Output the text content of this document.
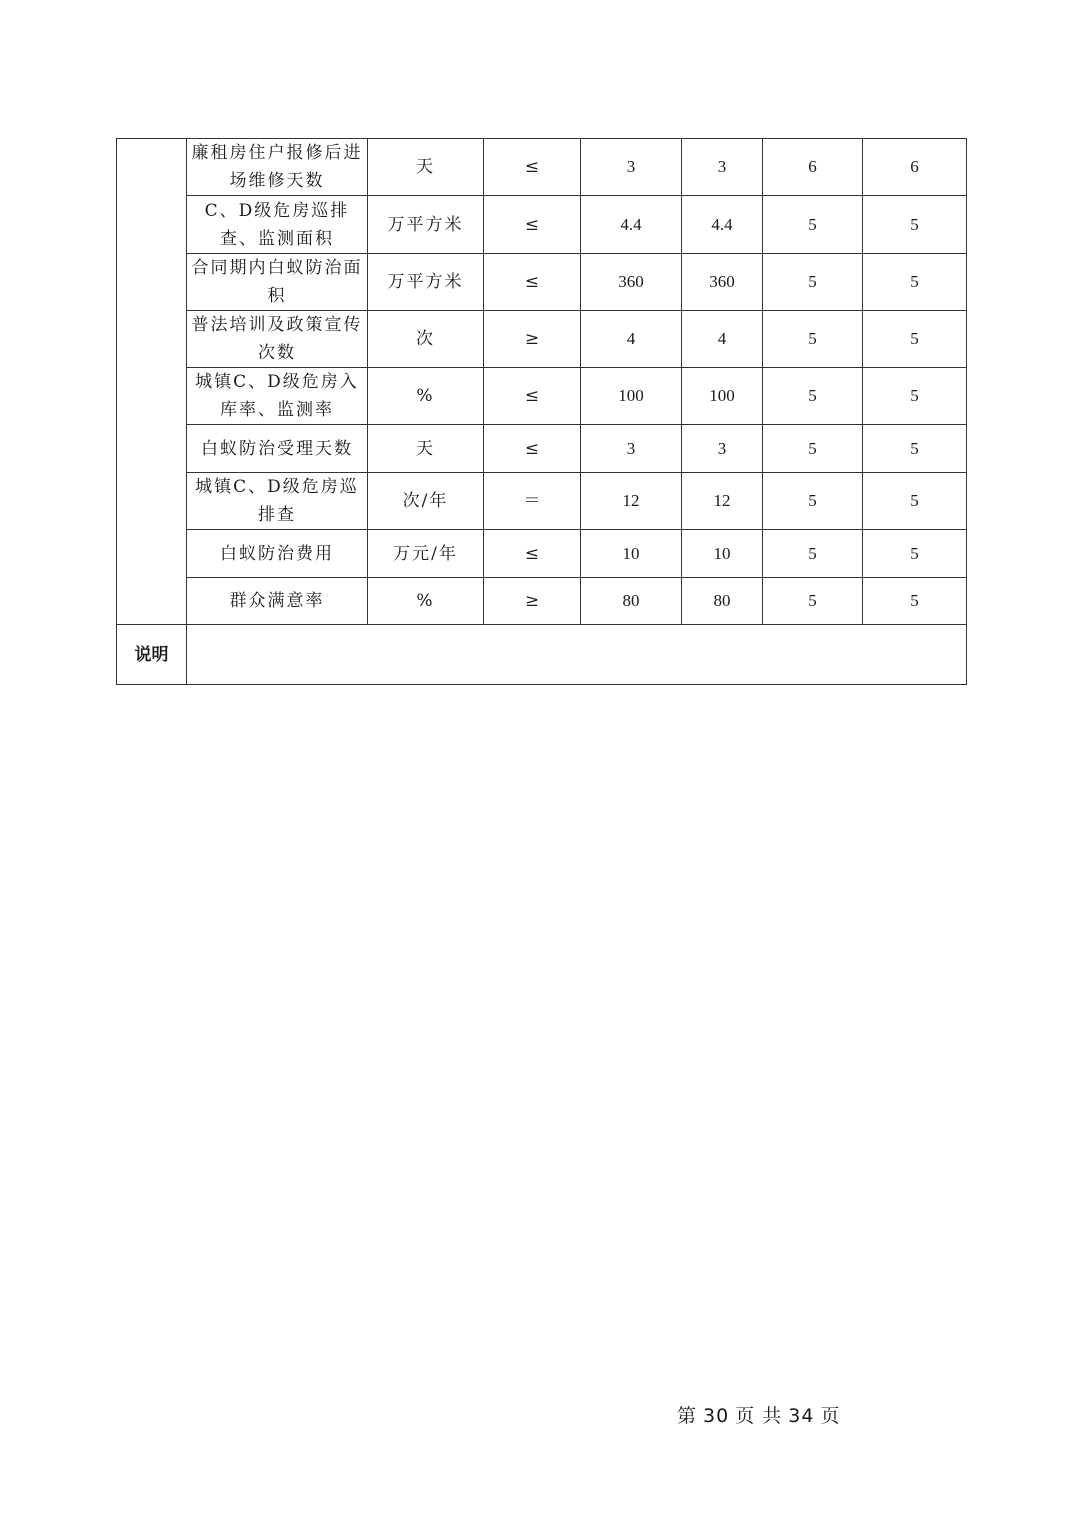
	廉租房住户报修后进场维修天数	天	≤	3	3	6	6
	C、D级危房巡排查、监测面积	万平方米	≤	4.4	4.4	5	5
	合同期内白蚁防治面积	万平方米	≤	360	360	5	5
	普法培训及政策宣传次数	次	≥	4	4	5	5
	城镇C、D级危房入库率、监测率	%	≤	100	100	5	5
	白蚁防治受理天数	天	≤	3	3	5	5
	城镇C、D级危房巡排查	次/年	＝	12	12	5	5
	白蚁防治费用	万元/年	≤	10	10	5	5
	群众满意率	%	≥	80	80	5	5
说明							
第 30 页 共 34 页
